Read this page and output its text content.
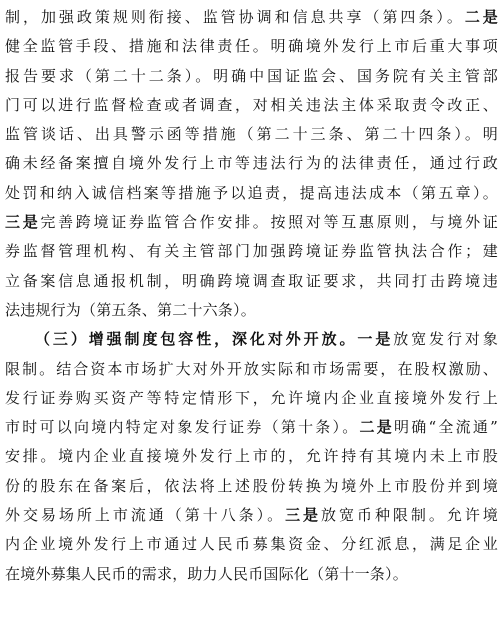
制，加强政策规则衔接、监管协调和信息共享（第四条）。二是
健全监管手段、措施和法律责任。明确境外发行上市后重大事项
报告要求（第二十二条）。明确中国证监会、国务院有关主管部
门可以进行监督检查或者调查，对相关违法主体采取责令改正、
监管谈话、出具警示函等措施（第二十三条、第二十四条）。明
确未经备案擅自境外发行上市等违法行为的法律责任，通过行政
处罚和纳入诚信档案等措施予以追责，提高违法成本（第五章）。
三是完善跨境证券监管合作安排。按照对等互惠原则，与境外证
券监督管理机构、有关主管部门加强跨境证券监管执法合作；建
立备案信息通报机制，明确跨境调查取证要求，共同打击跨境违
法违规行为（第五条、第二十六条）。
（三）增强制度包容性，深化对外开放。一是放宽发行对象
限制。结合资本市场扩大对外开放实际和市场需要，在股权激励、
发行证券购买资产等特定情形下，允许境内企业直接境外发行上
市时可以向境内特定对象发行证券（第十条）。二是明确“全流通”
安排。境内企业直接境外发行上市的，允许持有其境内未上市股
份的股东在备案后，依法将上述股份转换为境外上市股份并到境
外交易场所上市流通（第十八条）。三是放宽币种限制。允许境
内企业境外发行上市通过人民币募集资金、分红派息，满足企业
在境外募集人民币的需求，助力人民币国际化（第十一条）。
